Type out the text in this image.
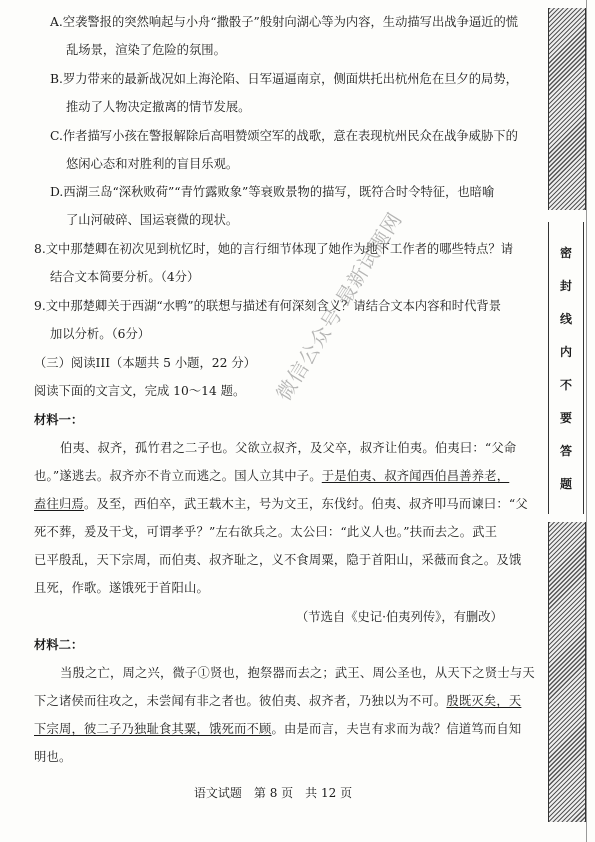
A.空袭警报的突然响起与小舟“撒骰子”般射向湖心等为内容，生动描写出战争逼近的慌
乱场景，渲染了危险的氛围。
B.罗力带来的最新战况如上海沦陷、日军逼逼南京，侧面烘托出杭州危在旦夕的局势，
推动了人物决定撤离的情节发展。
C.作者描写小孩在警报解除后高唱赞颂空军的战歌，意在表现杭州民众在战争威胁下的
悠闲心态和对胜利的盲目乐观。
D.西湖三岛“深秋败荷”“青竹露败象”等衰败景物的描写，既符合时令特征，也暗喻
了山河破碎、国运衰微的现状。
8.文中那楚卿在初次见到杭忆时，她的言行细节体现了她作为地下工作者的哪些特点？请
结合文本简要分析。（4分）
9.文中那楚卿关于西湖“水鸭”的联想与描述有何深刻含义？请结合文本内容和时代背景
加以分析。（6分）
（三）阅读III（本题共 5 小题，22 分）
阅读下面的文言文，完成 10～14 题。
材料一：
伯夷、叔齐，孤竹君之二子也。父欲立叔齐，及父卒，叔齐让伯夷。伯夷曰：“父命
也。”遂逃去。叔齐亦不肯立而逃之。国人立其中子。于是伯夷、叔齐闻西伯昌善养老，
盍往归焉。及至，西伯卒，武王载木主，号为文王，东伐纣。伯夷、叔齐叩马而谏曰：“父
死不葬，爰及干戈，可谓孝乎？”左右欲兵之。太公曰：“此义人也。”扶而去之。武王
已平殷乱，天下宗周，而伯夷、叔齐耻之，义不食周粟，隐于首阳山，采薇而食之。及饿
且死，作歌。遂饿死于首阳山。
（节选自《史记·伯夷列传》，有删改）
材料二：
当殷之亡，周之兴，微子①贤也，抱祭器而去之；武王、周公圣也，从天下之贤士与天
下之诸侯而往攻之，未尝闻有非之者也。彼伯夷、叔齐者，乃独以为不可。殷既灭矣，天
下宗周，彼二子乃独耻食其粟，饿死而不顾。由是而言，夫岂有求而为哉？信道笃而自知
明也。
语文试题　第 8 页　共 12 页
微信公众号 最新试题网	密
封
线
内
不
要
答
题
